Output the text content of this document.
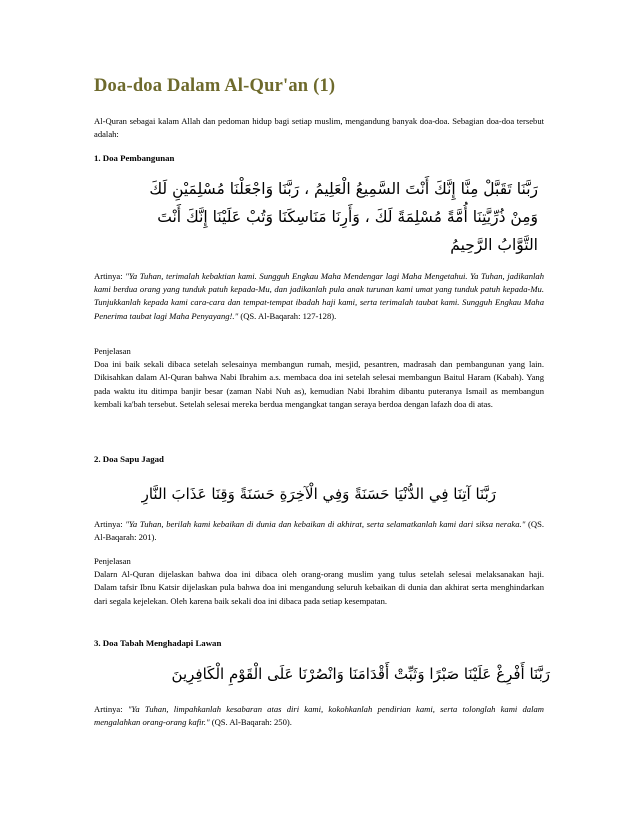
Doa-doa Dalam Al-Qur'an (1)
Al-Quran sebagai kalam Allah dan pedoman hidup bagi setiap muslim, mengandung banyak doa-doa. Sebagian doa-doa tersebut adalah:
1. Doa Pembangunan
رَبَّنَا تَقَبَّلْ مِنَّا إِنَّكَ أَنْتَ السَّمِيعُ الْعَلِيمُ ، رَبَّنَا وَاجْعَلْنَا مُسْلِمَيْنِ لَكَ
وَمِنْ ذُرِّيَّتِنَا أُمَّةً مُسْلِمَةً لَكَ ، وَأَرِنَا مَنَاسِكَنَا وَتُبْ عَلَيْنَا إِنَّكَ أَنْتَ
التَّوَّابُ الرَّحِيمُ
Artinya: "Ya Tuhan, terimalah kebaktian kami. Sungguh Engkau Maha Mendengar lagi Maha Mengetahui. Ya Tuhan, jadikanlah kami berdua orang yang tunduk patuh kepada-Mu, dan jadikanlah pula anak turunan kami umat yang tunduk patuh kepada-Mu. Tunjukkanlah kepada kami cara-cara dan tempat-tempat ibadah haji kami, serta terimalah taubat kami. Sungguh Engkau Maha Penerima taubat lagi Maha Penyayang!." (QS. Al-Baqarah: 127-128).

Penjelasan

Doa ini baik sekali dibaca setelah selesainya membangun rumah, mesjid, pesantren, madrasah dan pembangunan yang lain.

Dikisahkan dalam Al-Quran bahwa Nabi Ibrahim a.s. membaca doa ini setelah selesai membangun Baitul Haram (Kabah). Yang pada waktu itu ditimpa banjir besar (zaman Nabi Nuh as), kemudian Nabi Ibrahim dibantu puteranya Ismail as membangun kembali ka'bah tersebut. Setelah selesai mereka berdua mengangkat tangan seraya berdoa dengan lafazh doa di atas.

2. Doa Sapu Jagad
رَبَّنَا آتِنَا فِي الدُّنْيَا حَسَنَةً وَفِي الْآخِرَةِ حَسَنَةً وَقِنَا عَذَابَ النَّارِ
Artinya: "Ya Tuhan, berilah kami kebaikan di dunia dan kebaikan di akhirat, serta selamatkanlah kami dari siksa neraka." (QS. Al-Baqarah: 201).

Penjelasan

Dalarn Al-Quran dijelaskan bahwa doa ini dibaca oleh orang-orang muslim yang tulus setelah selesai melaksanakan haji.

Dalam tafsir Ibnu Katsir dijelaskan pula bahwa doa ini mengandung seluruh kebaikan di dunia dan akhirat serta menghindarkan dari segala kejelekan. Oleh karena baik sekali doa ini dibaca pada setiap kesempatan.

3. Doa Tabah Menghadapi Lawan
رَبَّنَا أَفْرِغْ عَلَيْنَا صَبْرًا وَثَبِّتْ أَقْدَامَنَا وَانْصُرْنَا عَلَى الْقَوْمِ الْكَافِرِينَ
Artinya: "Ya Tuhan, limpahkanlah kesabaran atas diri kami, kokohkanlah pendirian kami, serta tolonglah kami dalam mengalahkan orang-orang kafir." (QS. Al-Baqarah: 250).
